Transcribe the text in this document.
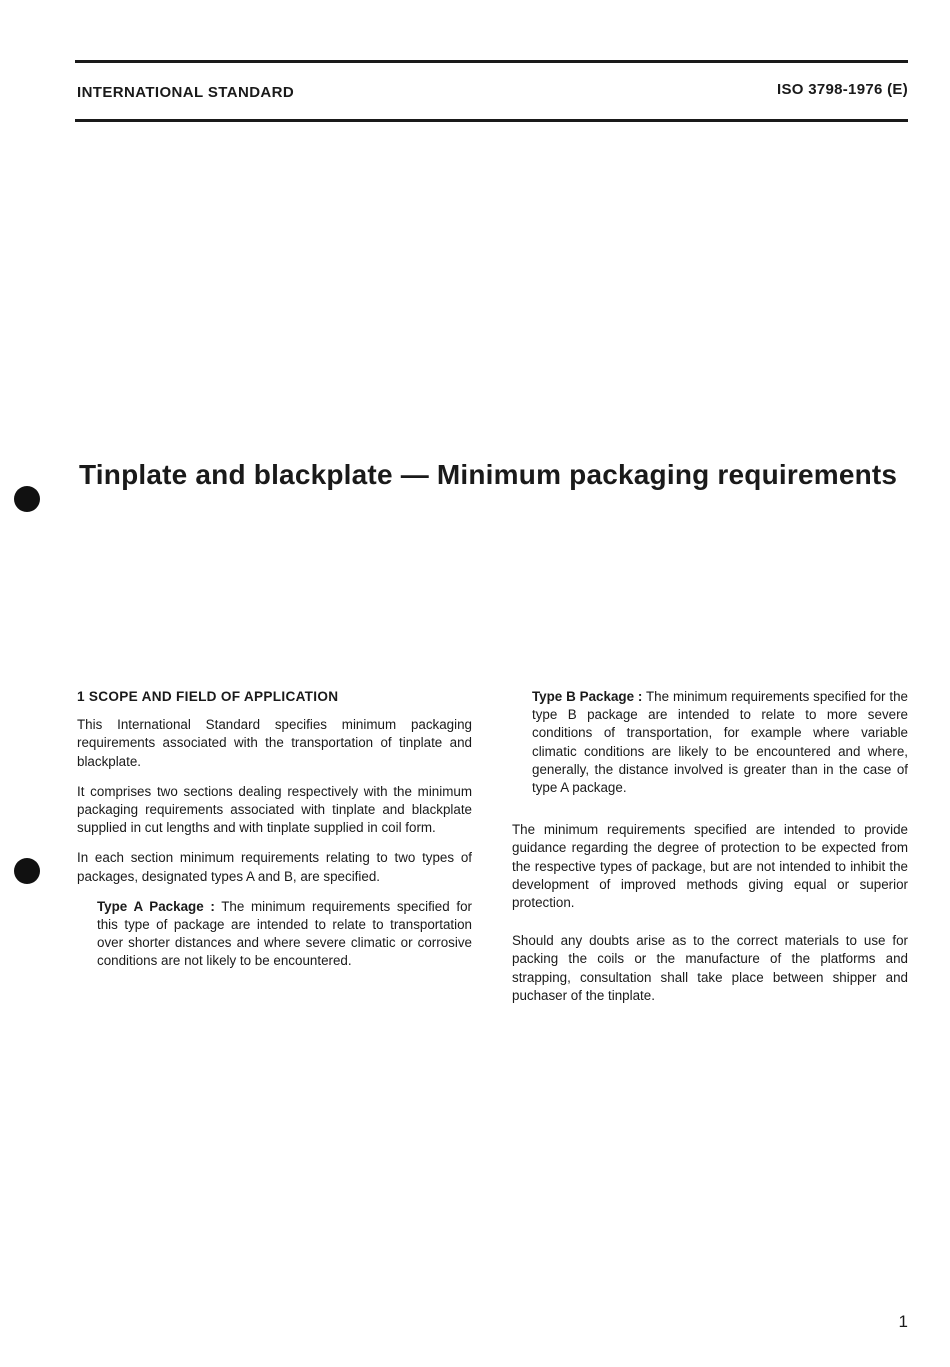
INTERNATIONAL STANDARD	ISO 3798-1976 (E)
Tinplate and blackplate — Minimum packaging requirements
1 SCOPE AND FIELD OF APPLICATION

This International Standard specifies minimum packaging requirements associated with the transportation of tinplate and blackplate.

It comprises two sections dealing respectively with the minimum packaging requirements associated with tinplate and blackplate supplied in cut lengths and with tinplate supplied in coil form.

In each section minimum requirements relating to two types of packages, designated types A and B, are specified.

Type A Package : The minimum requirements specified for this type of package are intended to relate to transportation over shorter distances and where severe climatic or corrosive conditions are not likely to be encountered.

Type B Package : The minimum requirements specified for the type B package are intended to relate to more severe conditions of transportation, for example where variable climatic conditions are likely to be encountered and where, generally, the distance involved is greater than in the case of type A package.

The minimum requirements specified are intended to provide guidance regarding the degree of protection to be expected from the respective types of package, but are not intended to inhibit the development of improved methods giving equal or superior protection.

Should any doubts arise as to the correct materials to use for packing the coils or the manufacture of the platforms and strapping, consultation shall take place between shipper and puchaser of the tinplate.

1
